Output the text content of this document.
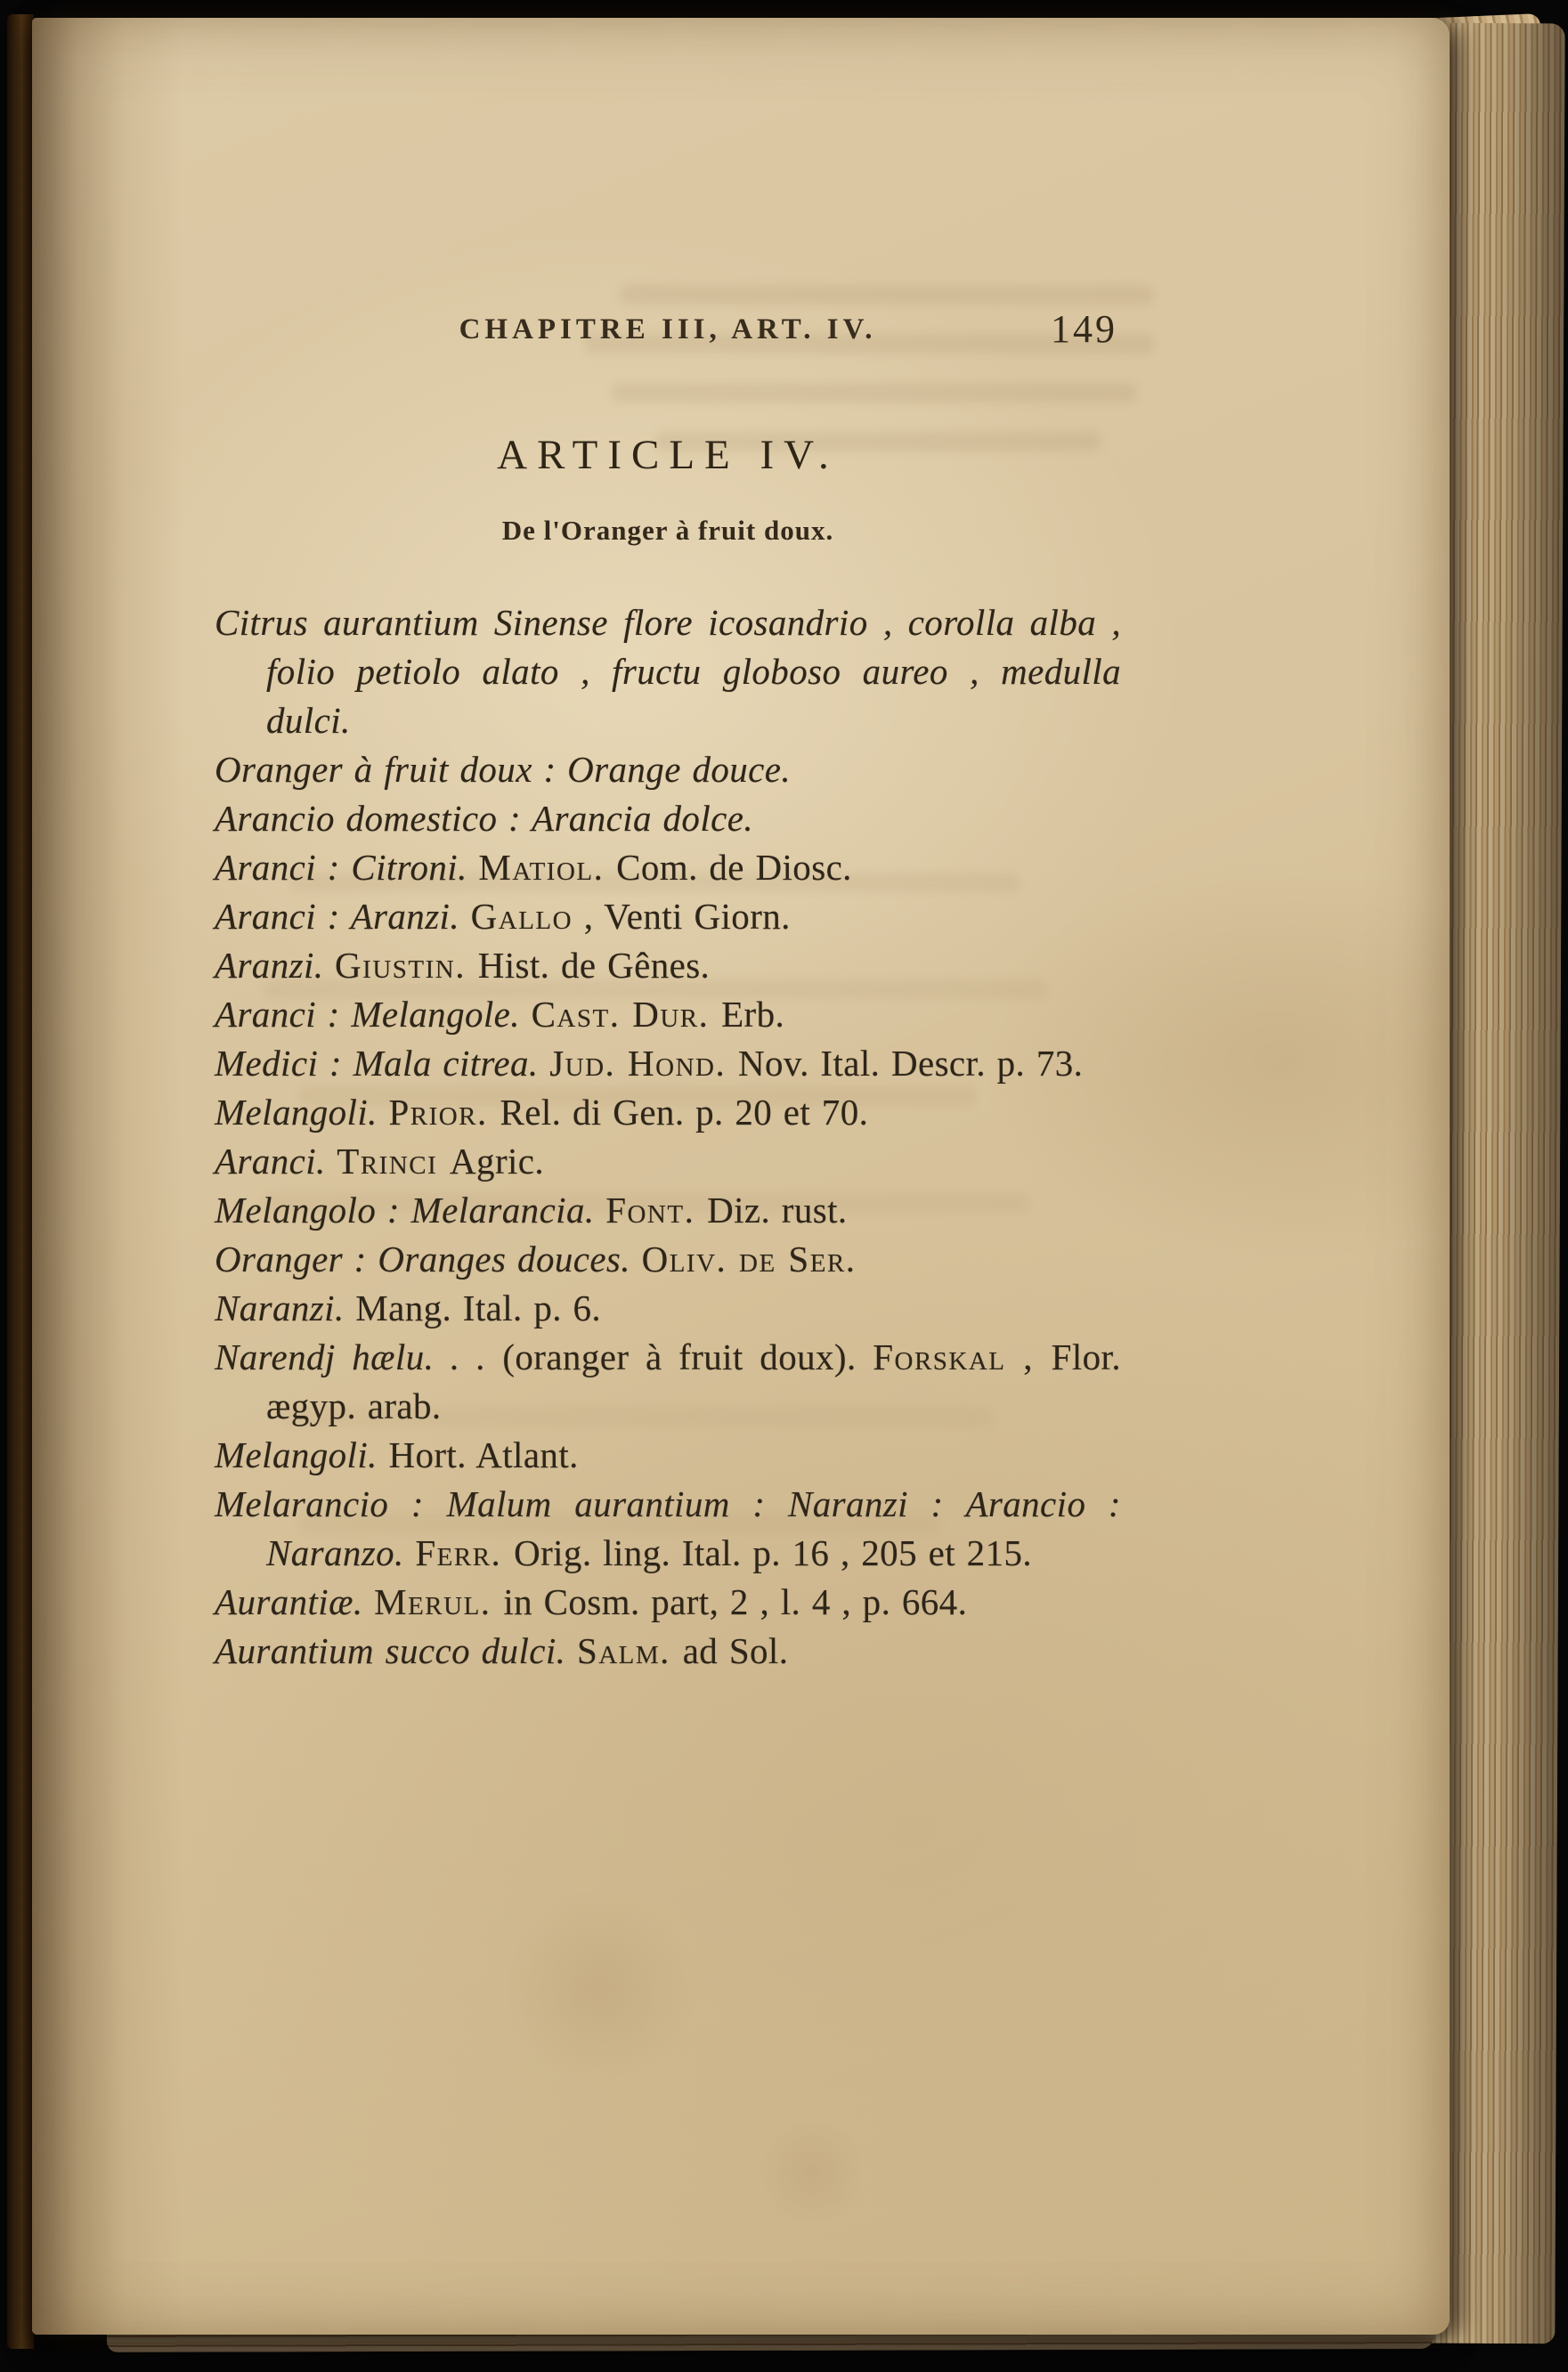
CHAPITRE III, ART. IV.	149
ARTICLE IV.
De l'Oranger à fruit doux.

Citrus aurantium Sinense flore icosandrio , corolla alba , folio petiolo alato , fructu globoso aureo , medulla dulci.

Oranger à fruit doux : Orange douce.

Arancio domestico : Arancia dolce.

Aranci : Citroni. Matiol. Com. de Diosc.

Aranci : Aranzi. Gallo , Venti Giorn.

Aranzi. Giustin. Hist. de Gênes.

Aranci : Melangole. Cast. Dur. Erb.

Medici : Mala citrea. Jud. Hond. Nov. Ital. Descr. p. 73.

Melangoli. Prior. Rel. di Gen. p. 20 et 70.

Aranci. Trinci Agric.

Melangolo : Melarancia. Font. Diz. rust.

Oranger : Oranges douces. Oliv. de Ser.

Naranzi. Mang. Ital. p. 6.

Narendj hælu. . . (oranger à fruit doux). Forskal , Flor. ægyp. arab.

Melangoli. Hort. Atlant.

Melarancio : Malum aurantium : Naranzi : Arancio : Naranzo. Ferr. Orig. ling. Ital. p. 16 , 205 et 215.

Aurantiæ. Merul. in Cosm. part, 2 , l. 4 , p. 664.

Aurantium succo dulci. Salm. ad Sol.
